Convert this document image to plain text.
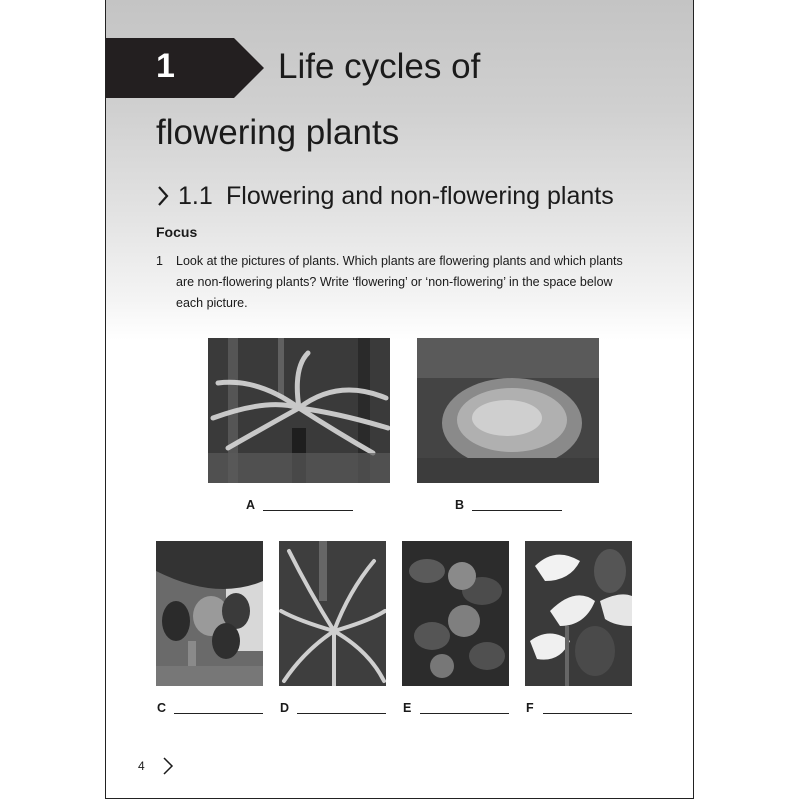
1	Life cycles of
flowering plants
1.1 Flowering and non-flowering plants
Focus
1 Look at the pictures of plants. Which plants are flowering plants and which plants are non-flowering plants? Write ‘flowering’ or ‘non-flowering’ in the space below each picture.
A	B
C	D	E	F
4
